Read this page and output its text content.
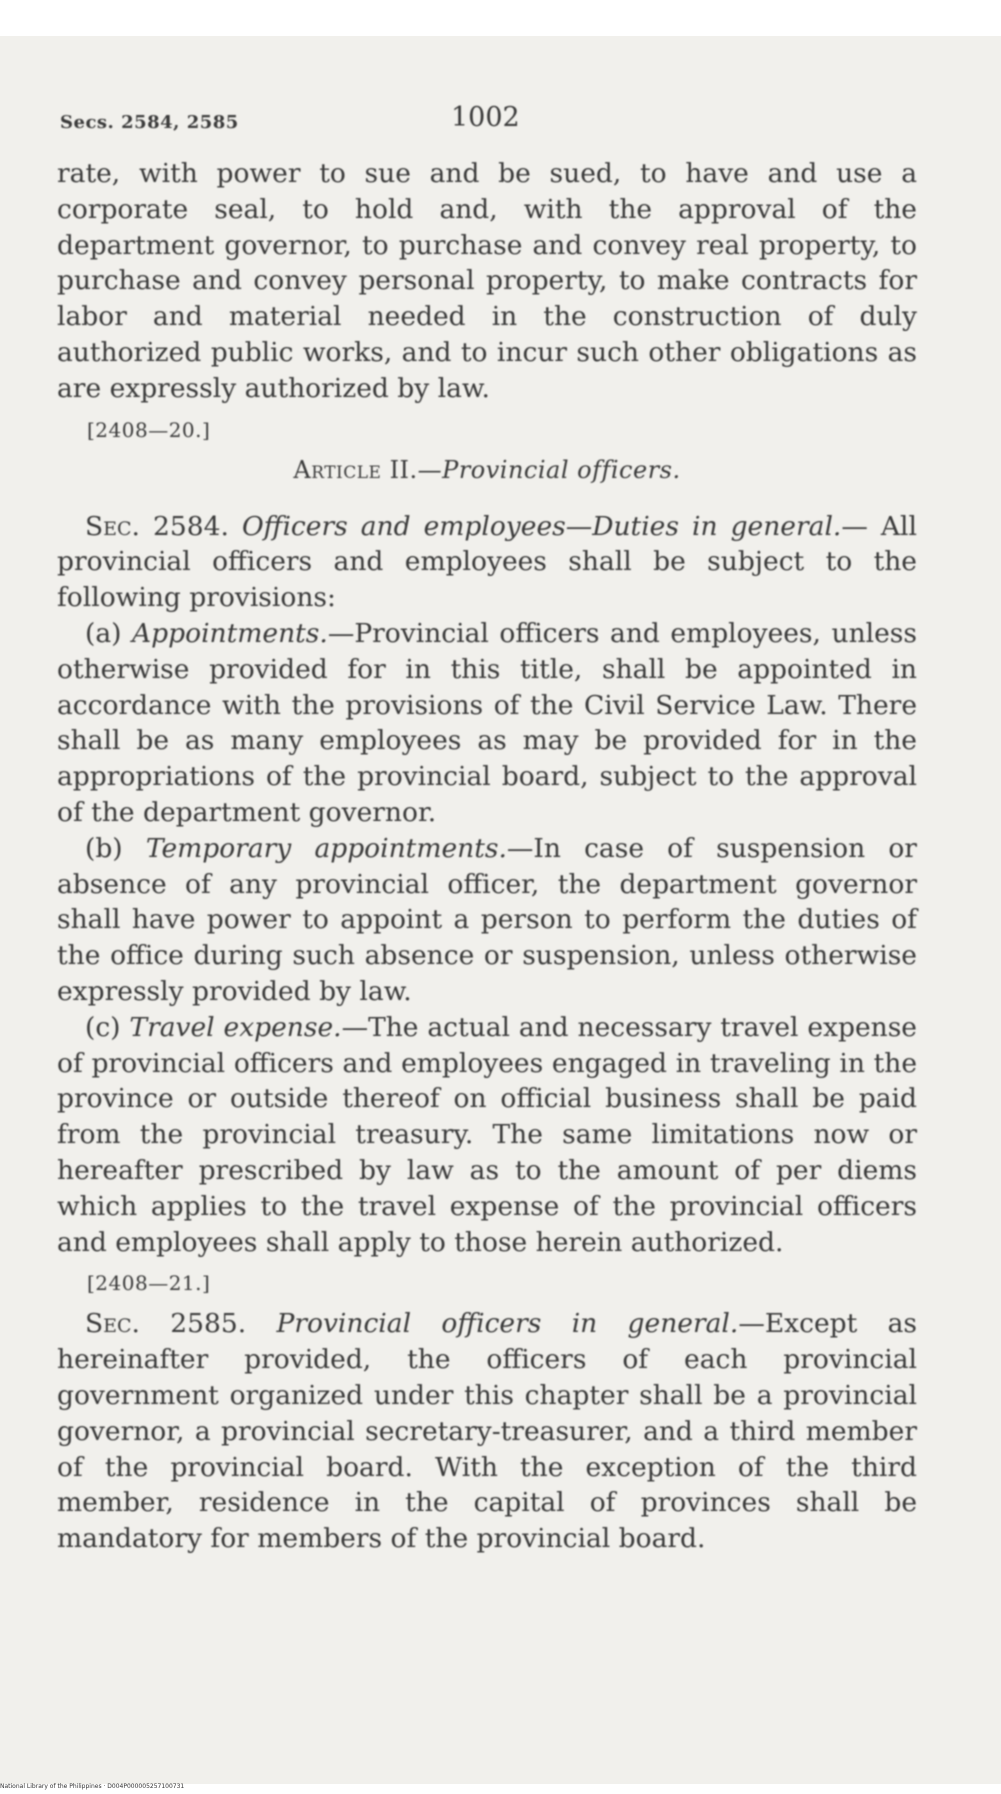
Secs. 2584, 2585	1002

rate, with power to sue and be sued, to have and use a corporate seal, to hold and, with the approval of the department governor, to purchase and convey real property, to purchase and convey personal property, to make contracts for labor and material needed in the construction of duly authorized public works, and to incur such other obligations as are expressly authorized by law.

[2408—20.]
Article II.—Provincial officers.

Sec. 2584. Officers and employees—Duties in general.— All provincial officers and employees shall be subject to the following provisions:

(a) Appointments.—Provincial officers and employees, unless otherwise provided for in this title, shall be appointed in accordance with the provisions of the Civil Service Law. There shall be as many employees as may be provided for in the appropriations of the provincial board, subject to the approval of the department governor.

(b) Temporary appointments.—In case of suspension or absence of any provincial officer, the department governor shall have power to appoint a person to perform the duties of the office during such absence or suspension, unless otherwise expressly provided by law.

(c) Travel expense.—The actual and necessary travel expense of provincial officers and employees engaged in traveling in the province or outside thereof on official business shall be paid from the provincial treasury. The same limitations now or hereafter prescribed by law as to the amount of per diems which applies to the travel expense of the provincial officers and employees shall apply to those herein authorized.

[2408—21.]

Sec. 2585. Provincial officers in general.—Except as hereinafter provided, the officers of each provincial government organized under this chapter shall be a provincial governor, a provincial secretary-treasurer, and a third member of the provincial board. With the exception of the third member, residence in the capital of provinces shall be mandatory for members of the provincial board.

National Library of the Philippines · D004P000005257100731
